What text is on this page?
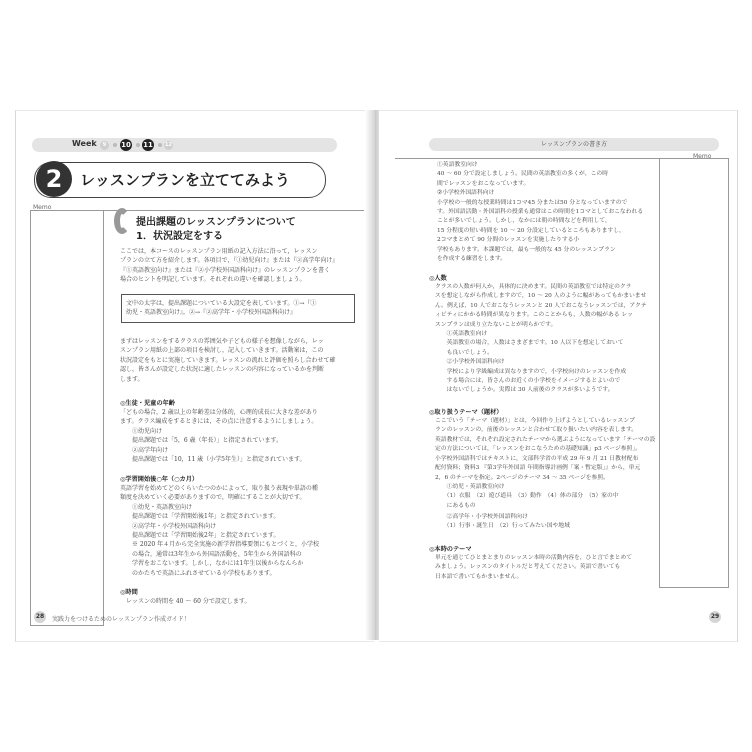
Week	9	10 11 12
2	レッスンプランを立ててみよう
Memo
提出課題のレッスンプランについて
1．状況設定をする
ここでは，本コースのレッスンプラン用紙の記入方法に沿って，レッスン
プランの立て方を紹介します。各項目で，『①幼児向け』または『②高学年向け』
『①英語教室向け』または『②小学校外国語科向け』のレッスンプランを書く
場合のヒントを明記しています。それぞれの違いを確認しましょう。
文中の太字は，提出課題についている大設定を表しています。①→『①
幼児・英語教室向け』，②→『②高学年・小学校外国語科向け』
まずはレッスンをするクラスの雰囲気や子どもの様子を想像しながら，レッ
スンプラン用紙の上部の項目を検討し，記入していきます。活動案は，この
状況設定をもとに実施していきます。レッスンの流れと評価を照らし合わせて確
認し，皆さんが設定した状況に適したレッスンの内容になっているかを判断
します。
◎生徒・児童の年齢
「どもの場合，2 歳以上の年齢差は分体的，心理的成長に大きな差があり
ます。クラス編成をするときには，その点に注意するようにしましょう。
　　①幼児向け
　　提出課題では「5，6 歳（年長）」と指定されています。
　　②高学年向け
　　提出課題では「10，11 歳（小学5年生）」と指定されています。
◎学習開始後○年（○カ月）
英語学習を始めてどのくらいたつのかによって，取り扱う表現や単語の種
類度を決めていく必要がありますので，明確にすることが大切です。
　　①幼児・英語教室向け
　　提出課題では「学習開始後1年」と指定されています。
　　②高学年・小学校外国語科向け
　　提出課題では「学習開始後2年」と指定されています。
　　※ 2020 年４月から完全実施の新学習指導要領にもとづくと，小学校
　　の場合，通常は3年生から外国語活動を，5年生から外国語科の
　　学習をおこないます。しかし，なかには1年生以後からなんらか
　　のかたちで英語にふれさせている小学校もあります。
◎時間
レッスンの時間を 40 ～ 60 分で設定します。
28	実践力をつけるためのレッスンプラン作成ガイド！
レッスンプランの書き方
Memo
①英語教室向け
40 ～ 60 分で設定しましょう。民間の英語教室の多くが，この時
間でレッスンをおこなっています。
②小学校外国語科向け
小学校の一般的な授業時間は1コマ45 分または50 分となっていますので
す。外国語活動・外国語科の授業も通常はこの時間を1コマとしておこなわれる
ことが多いでしょう。しかし，なかには朝の時間などを利用して，
15 分程度の短い時間を 10 ～ 20 分設定しているところもありますし，
2コマまとめて 90 分間のレッスンを実施したりする小
学校もあります。本課題では，最も一般的な 45 分のレッスンプラン
を作成する練習をします。
◎人数
クラスの人数が何人か，具体的に決めます。民間の英語教室では特定のクラ
スを想定しながら作成しますので，10 ～ 20 人のように幅があってもかまいませ
ん。例えば，10 人でおこなうレッスンと 20 人でおこなうレッスンでは，アクテ
ィビティにかかる時間が異なります。このことからも，人数の幅がある レッ
スンプランは成り立たないことが明らかです。
　　①英語教室向け
　　英語教室の場合，人数はさまざまです。10 人以下を想定しておいて
　　も良いでしょう。
　　②小学校外国語科向け
　　学校により学級編成は異なりますので，小学校向けのレッスンを作成
　　する場合には，皆さんのお近くの小学校をイメージするとよいので
　　はないでしょうか。実際は 30 人前後のクラスが多いようです。
◎取り扱うテーマ（題材）
ここでいう「テーマ（題材）」とは，今回作り上げようとしているレッスンプ
ランのレッスンの，前後のレッスンと合わせて取り扱いたい内容を表します。
英語教材では，それぞれ設定されたテーマから選ぶようになっています「テーマの設
定の方法については，「レッスンをおこなうための基礎知識」p3 ページ参照」。
小学校外国語科ではテキストに，文部科学省の平成 29 年 9 月 21 日教材配布
配付資料；資料3 『第3学年外国語 年間指導計画例「案・暫定版」』から，単元
2，6 のテーマを指定。2ページのテーマ 34 ～ 35 ページを参照。
　　①幼児・英語教室向け
　　（1）衣服　（2）遊び道具　（3）動作　（4）体の部分　（5）家の中
　　にあるもの
　　②高学年・小学校外国語科向け
　　（1）行事・誕生日　（2）行ってみたい国や地域
◎本時のテーマ
単元を通じてひとまとまりのレッスン本時の活動内容を，ひと言でまとめて
みましょう。レッスンのタイトルだと考えてください。英語で書いても
日本語で書いてもかまいません。
29
